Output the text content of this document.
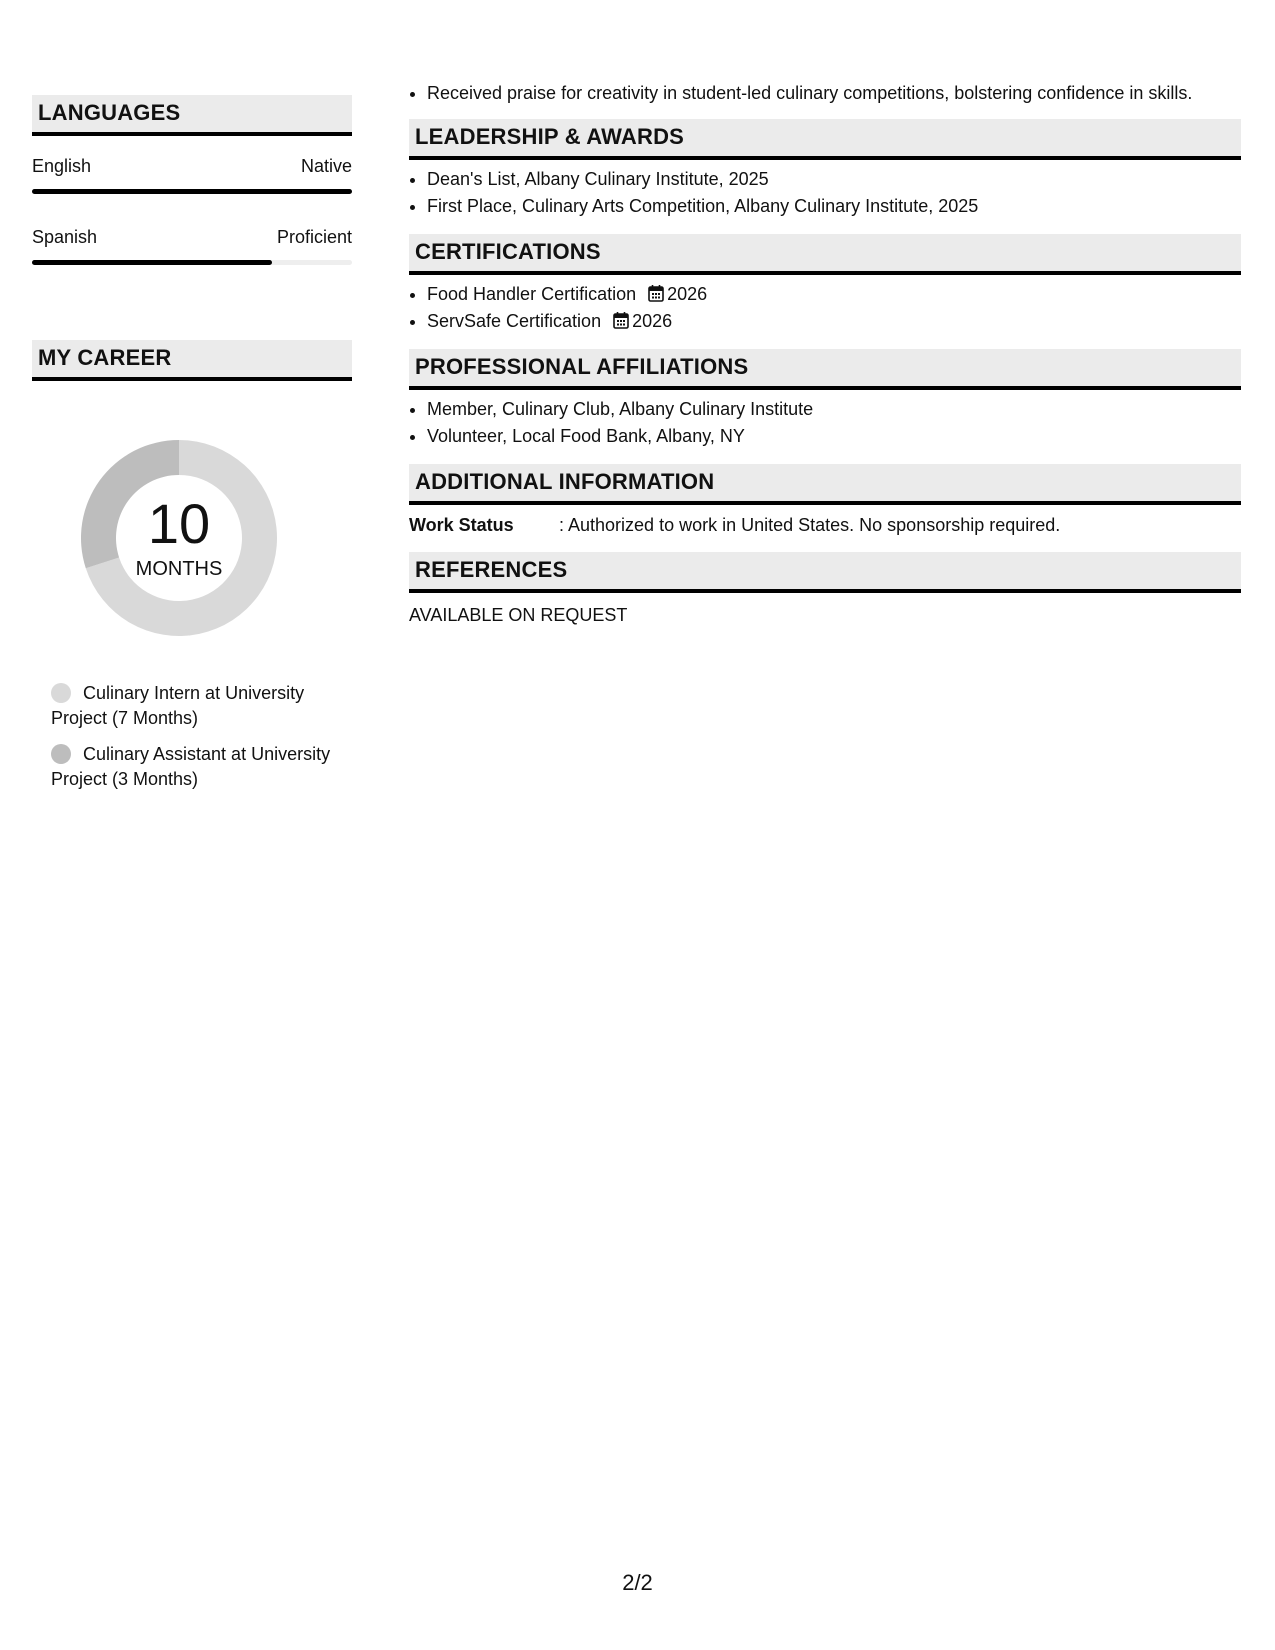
LANGUAGES
English	Native
Spanish	Proficient
MY CAREER
10
MONTHS
Culinary Intern at University Project (7 Months)
Culinary Assistant at University Project (3 Months)
• Received praise for creativity in student-led culinary competitions, bolstering confidence in skills.
LEADERSHIP & AWARDS
• Dean's List, Albany Culinary Institute, 2025
• First Place, Culinary Arts Competition, Albany Culinary Institute, 2025
CERTIFICATIONS
• Food Handler Certification 2026
• ServSafe Certification 2026
PROFESSIONAL AFFILIATIONS
• Member, Culinary Club, Albany Culinary Institute
• Volunteer, Local Food Bank, Albany, NY
ADDITIONAL INFORMATION
Work Status	: Authorized to work in United States. No sponsorship required.
REFERENCES
AVAILABLE ON REQUEST
2/2
